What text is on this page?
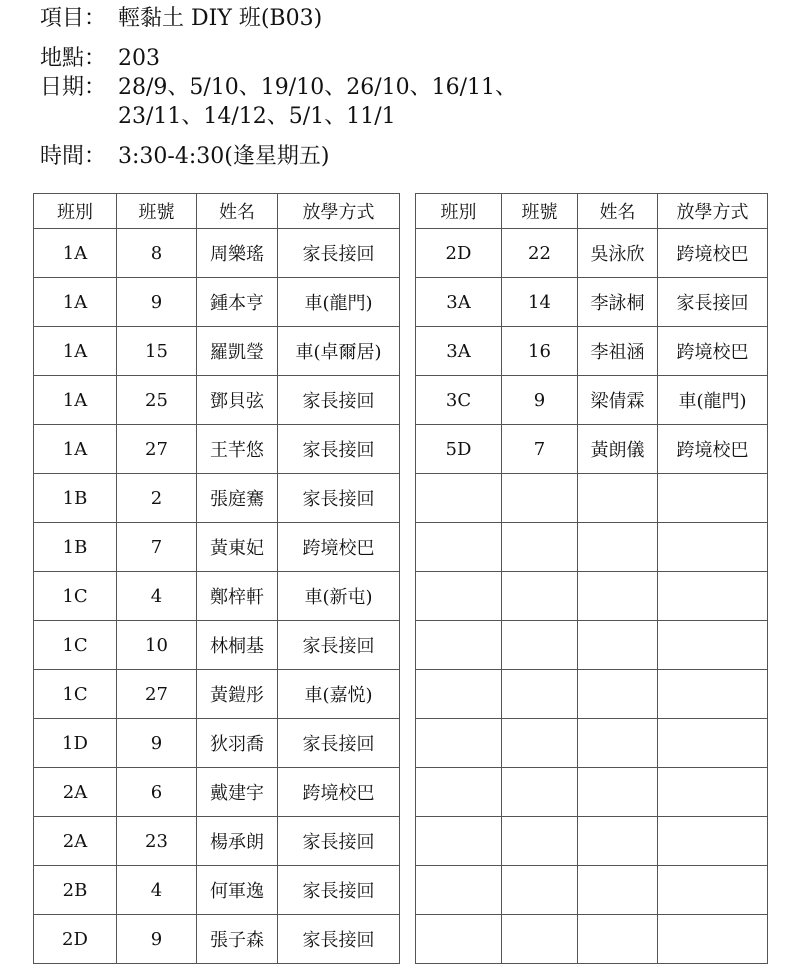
項目： 輕黏土 DIY 班(B03)
地點： 203
日期： 28/9、5/10、19/10、26/10、16/11、
23/11、14/12、5/1、11/1
時間： 3:30-4:30(逢星期五)
班別	班號	姓名	放學方式
1A	8	周樂瑤	家長接回
1A	9	鍾本亨	車(龍門)
1A	15	羅凱瑩	車(卓爾居)
1A	25	鄧貝弦	家長接回
1A	27	王芊悠	家長接回
1B	2	張庭騫	家長接回
1B	7	黃東妃	跨境校巴
1C	4	鄭梓軒	車(新屯)
1C	10	林桐基	家長接回
1C	27	黃鎧彤	車(嘉悦)
1D	9	狄羽喬	家長接回
2A	6	戴建宇	跨境校巴
2A	23	楊承朗	家長接回
2B	4	何軍逸	家長接回
2D	9	張子森	家長接回
班別	班號	姓名	放學方式
2D	22	吳泳欣	跨境校巴
3A	14	李詠桐	家長接回
3A	16	李祖涵	跨境校巴
3C	9	梁倩霖	車(龍門)
5D	7	黃朗儀	跨境校巴
